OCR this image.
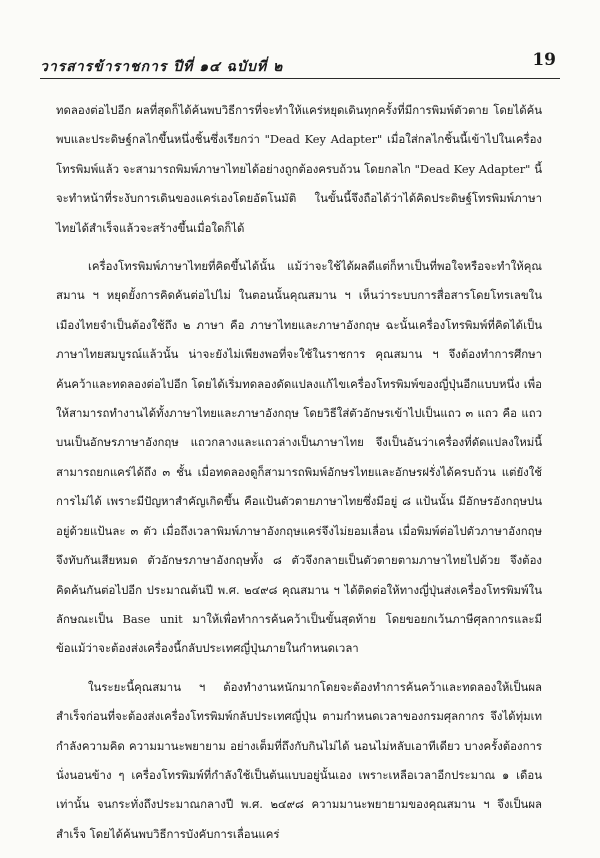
วารสารข้าราชการ ปีที่ ๑๔ ฉบับที่ ๒	19

ทดลองต่อไปอีก ผลที่สุดก็ได้ค้นพบวิธีการที่จะทำให้แคร่หยุดเดินทุกครั้งที่มีการพิมพ์ตัวตาย โดยได้ค้นพบและประดิษฐ์กลไกขึ้นหนึ่งชิ้นซึ่งเรียกว่า "Dead Key Adapter" เมื่อใส่กลไกชิ้นนี้เข้าไปในเครื่องโทรพิมพ์แล้ว จะสามารถพิมพ์ภาษาไทยได้อย่างถูกต้องครบถ้วน โดยกลไก "Dead Key Adapter" นี้จะทำหน้าที่ระงับการเดินของแคร่เองโดยอัตโนมัติ ในขั้นนี้จึงถือได้ว่าได้คิดประดิษฐ์โทรพิมพ์ภาษาไทยได้สำเร็จแล้วจะสร้างขึ้นเมื่อใดก็ได้

เครื่องโทรพิมพ์ภาษาไทยที่คิดขึ้นได้นั้น แม้ว่าจะใช้ได้ผลดีแต่ก็หาเป็นที่พอใจหรือจะทำให้คุณสมาน ฯ หยุดยั้งการคิดค้นต่อไปไม่ ในตอนนั้นคุณสมาน ฯ เห็นว่าระบบการสื่อสารโดยโทรเลขในเมืองไทยจำเป็นต้องใช้ถึง ๒ ภาษา คือ ภาษาไทยและภาษาอังกฤษ ฉะนั้นเครื่องโทรพิมพ์ที่คิดได้เป็นภาษาไทยสมบูรณ์แล้วนั้น น่าจะยังไม่เพียงพอที่จะใช้ในราชการ คุณสมาน ฯ จึงต้องทำการศึกษาค้นคว้าและทดลองต่อไปอีก โดยได้เริ่มทดลองดัดแปลงแก้ไขเครื่องโทรพิมพ์ของญี่ปุ่นอีกแบบหนึ่ง เพื่อให้สามารถทำงานได้ทั้งภาษาไทยและภาษาอังกฤษ โดยวิธีใส่ตัวอักษรเข้าไปเป็นแถว ๓ แถว คือ แถวบนเป็นอักษรภาษาอังกฤษ แถวกลางและแถวล่างเป็นภาษาไทย จึงเป็นอันว่าเครื่องที่ดัดแปลงใหม่นี้สามารถยกแคร่ได้ถึง ๓ ชั้น เมื่อทดลองดูก็สามารถพิมพ์อักษรไทยและอักษรฝรั่งได้ครบถ้วน แต่ยังใช้การไม่ได้ เพราะมีปัญหาสำคัญเกิดขึ้น คือแป้นตัวตายภาษาไทยซึ่งมีอยู่ ๘ แป้นนั้น มีอักษรอังกฤษปนอยู่ด้วยแป้นละ ๓ ตัว เมื่อถึงเวลาพิมพ์ภาษาอังกฤษแคร่จึงไม่ยอมเลื่อน เมื่อพิมพ์ต่อไปตัวภาษาอังกฤษจึงทับกันเสียหมด ตัวอักษรภาษาอังกฤษทั้ง ๘ ตัวจึงกลายเป็นตัวตายตามภาษาไทยไปด้วย จึงต้องคิดค้นกันต่อไปอีก ประมาณต้นปี พ.ศ. ๒๔๙๘ คุณสมาน ฯ ได้ติดต่อให้ทางญี่ปุ่นส่งเครื่องโทรพิมพ์ในลักษณะเป็น Base unit มาให้เพื่อทำการค้นคว้าเป็นขั้นสุดท้าย โดยขอยกเว้นภาษีศุลกากรและมีข้อแม้ว่าจะต้องส่งเครื่องนี้กลับประเทศญี่ปุ่นภายในกำหนดเวลา

ในระยะนี้คุณสมาน ฯ ต้องทำงานหนักมากโดยจะต้องทำการค้นคว้าและทดลองให้เป็นผลสำเร็จก่อนที่จะต้องส่งเครื่องโทรพิมพ์กลับประเทศญี่ปุ่น ตามกำหนดเวลาของกรมศุลกากร จึงได้ทุ่มเทกำลังความคิด ความมานะพยายาม อย่างเต็มที่ถึงกับกินไม่ได้ นอนไม่หลับเอาทีเดียว บางครั้งต้องการนั่งนอนข้าง ๆ เครื่องโทรพิมพ์ที่กำลังใช้เป็นต้นแบบอยู่นั้นเอง เพราะเหลือเวลาอีกประมาณ ๑ เดือนเท่านั้น จนกระทั่งถึงประมาณกลางปี พ.ศ. ๒๔๙๘ ความมานะพยายามของคุณสมาน ฯ จึงเป็นผลสำเร็จ โดยได้ค้นพบวิธีการบังคับการเลื่อนแคร่
